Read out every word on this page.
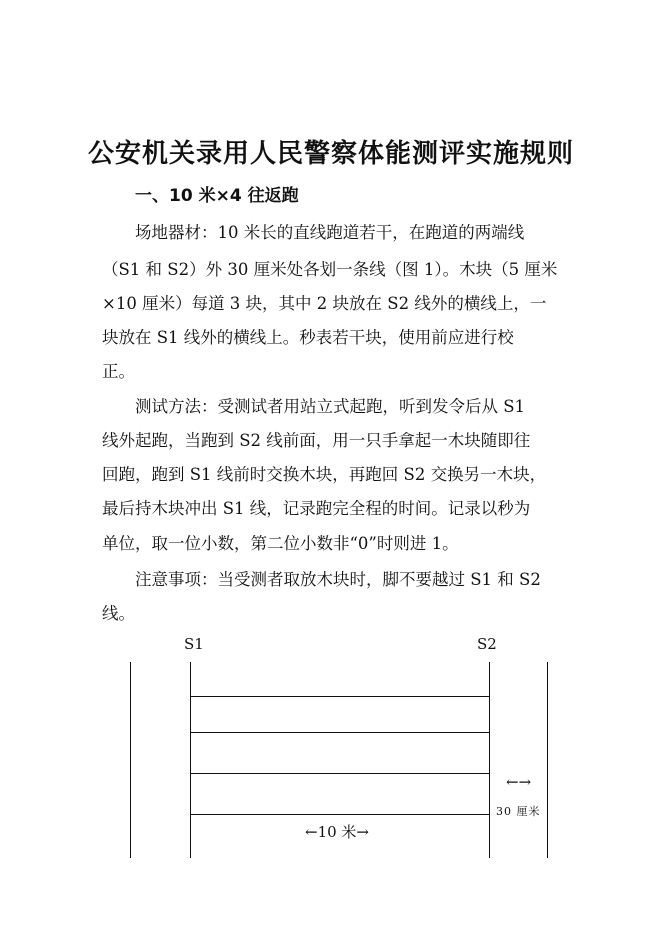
公安机关录用人民警察体能测评实施规则
一、10 米×4 往返跑
场地器材：10 米长的直线跑道若干，在跑道的两端线
（S1 和 S2）外 30 厘米处各划一条线（图 1）。木块（5 厘米
×10 厘米）每道 3 块，其中 2 块放在 S2 线外的横线上，一
块放在 S1 线外的横线上。秒表若干块，使用前应进行校
正。
测试方法：受测试者用站立式起跑，听到发令后从 S1
线外起跑，当跑到 S2 线前面，用一只手拿起一木块随即往
回跑，跑到 S1 线前时交换木块，再跑回 S2 交换另一木块，
最后持木块冲出 S1 线，记录跑完全程的时间。记录以秒为
单位，取一位小数，第二位小数非“0”时则进 1。
注意事项：当受测者取放木块时，脚不要越过 S1 和 S2
线。
S1	S2
←→
30 厘米
←10 米→
